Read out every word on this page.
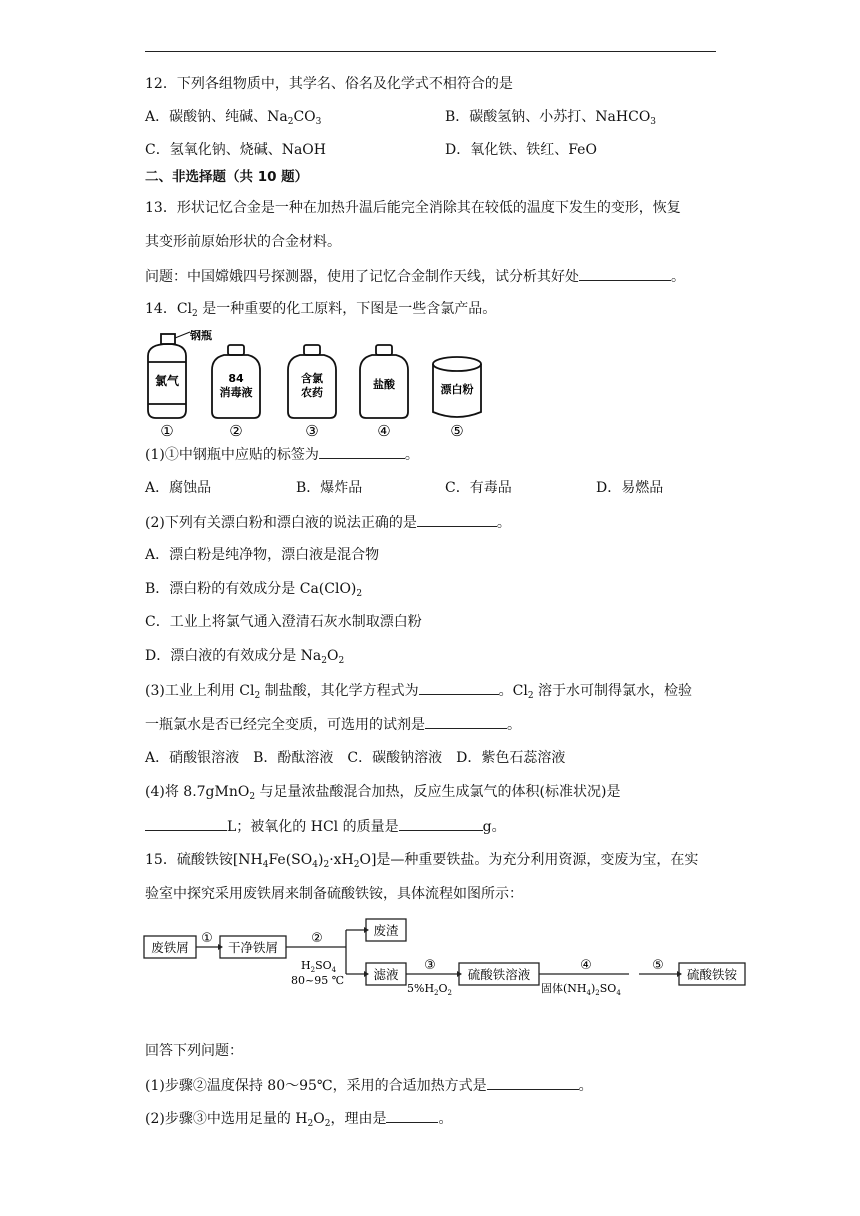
12．下列各组物质中，其学名、俗名及化学式不相符合的是
A．碳酸钠、纯碱、$Na_2CO_3$	B．碳酸氢钠、小苏打、NaHCO$_3$
C．氢氧化钠、烧碱、NaOH	D．氧化铁、铁红、FeO
二、非选择题（共 10 题）
13．形状记忆合金是一种在加热升温后能完全消除其在较低的温度下发生的变形，恢复
其变形前原始形状的合金材料。
问题：中国嫦娥四号探测器，使用了记忆合金制作天线，试分析其好处	。
14．$Cl_2$ 是一种重要的化工原料，下图是一些含氯产品。
钢瓶
氯气	84
消毒液
含氯
农药
盐酸	漂白粉
①	②	③	④	⑤
(1)①中钢瓶中应贴的标签为	。
A．腐蚀品	B．爆炸品	C．有毒品	D．易燃品
(2)下列有关漂白粉和漂白液的说法正确的是	。
A．漂白粉是纯净物，漂白液是混合物
B．漂白粉的有效成分是 $Ca(ClO)_2$
C．工业上将氯气通入澄清石灰水制取漂白粉
D．漂白液的有效成分是 $Na_2O_2$
(3)工业上利用 $Cl_2$ 制盐酸，其化学方程式为	。$Cl_2$ 溶于水可制得氯水，检验
一瓶氯水是否已经完全变质，可选用的试剂是	。
A．硝酸银溶液　B．酚酞溶液　C．碳酸钠溶液　D．紫色石蕊溶液
(4)将 8.7gMnO$_2$ 与足量浓盐酸混合加热，反应生成氯气的体积(标准状况)是
L；被氧化的 HCl 的质量是	g。
15．硫酸铁铵$[NH_4Fe(SO_4)_2\cdot xH_2O]$是—种重要铁盐。为充分利用资源，变废为宝，在实
验室中探究采用废铁屑来制备硫酸铁铵，具体流程如图所示：
废铁屑	干净铁屑
废渣
滤液	硫酸铁溶液	硫酸铁铵
①	②
③	④	⑤
$H_2SO_4$
80~95 ℃
$5\%H_2O_2$	固体$(NH_4)_2SO_4$
回答下列问题：
(1)步骤②温度保持 80～95℃，采用的合适加热方式是	。
(2)步骤③中选用足量的 $H_2O_2$，理由是	。
